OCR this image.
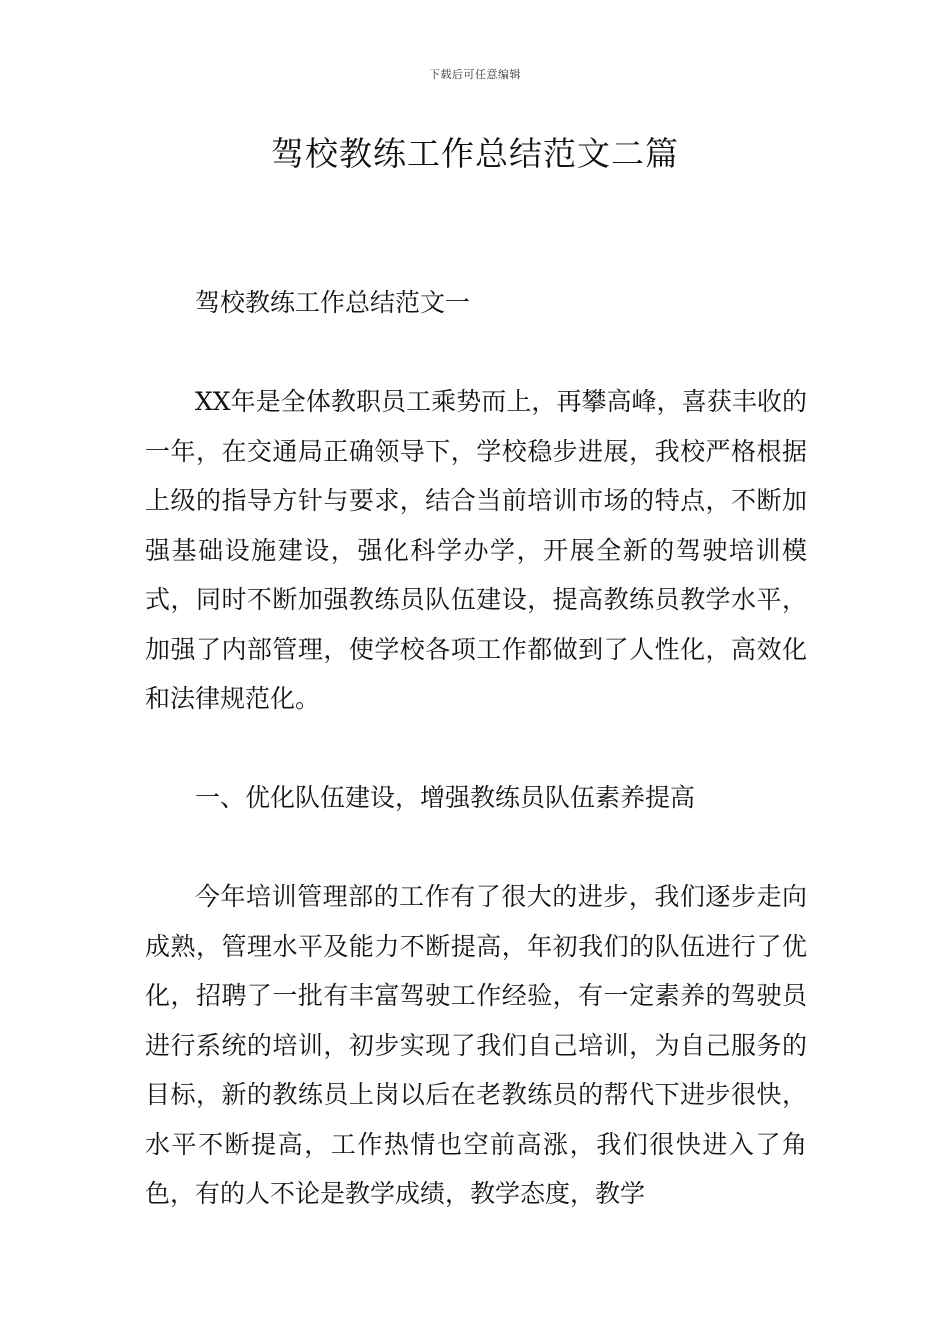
下载后可任意编辑
驾校教练工作总结范文二篇

驾校教练工作总结范文一

XX年是全体教职员工乘势而上，再攀高峰，喜获丰收的一年，在交通局正确领导下，学校稳步进展，我校严格根据上级的指导方针与要求，结合当前培训市场的特点，不断加强基础设施建设，强化科学办学，开展全新的驾驶培训模式，同时不断加强教练员队伍建设，提高教练员教学水平，加强了内部管理，使学校各项工作都做到了人性化，高效化和法律规范化。

一、优化队伍建设，增强教练员队伍素养提高

今年培训管理部的工作有了很大的进步，我们逐步走向成熟，管理水平及能力不断提高，年初我们的队伍进行了优化，招聘了一批有丰富驾驶工作经验，有一定素养的驾驶员进行系统的培训，初步实现了我们自己培训，为自己服务的目标，新的教练员上岗以后在老教练员的帮代下进步很快，水平不断提高，工作热情也空前高涨，我们很快进入了角色，有的人不论是教学成绩，教学态度，教学
